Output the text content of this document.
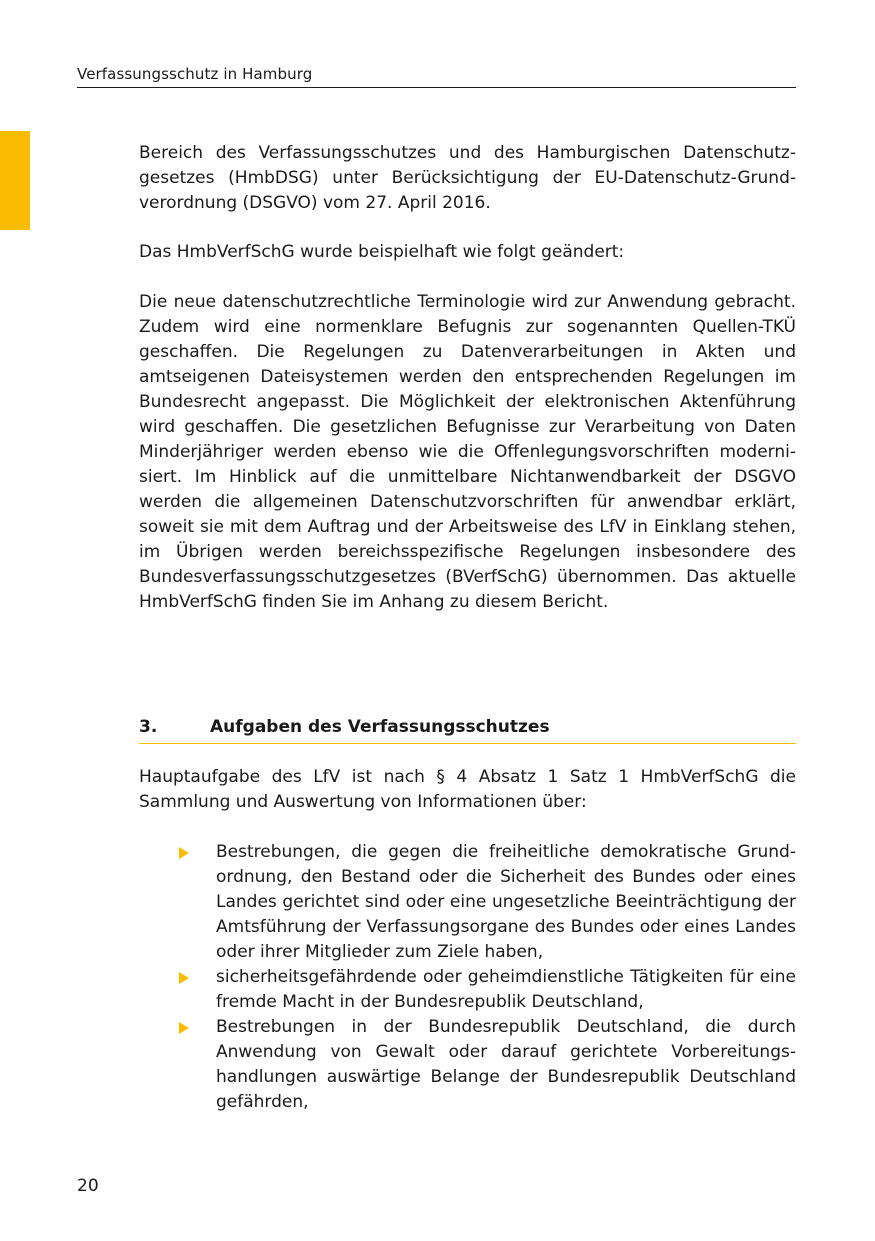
Verfassungsschutz in Hamburg

Bereich des Verfassungsschutzes und des Hamburgischen Datenschutzgesetzes (HmbDSG) unter Berücksichtigung der EU-Datenschutz-Grundverordnung (DSGVO) vom 27. April 2016.

Das HmbVerfSchG wurde beispielhaft wie folgt geändert:

Die neue datenschutzrechtliche Terminologie wird zur Anwendung gebracht. Zudem wird eine normenklare Befugnis zur sogenannten Quellen-TKÜ geschaffen. Die Regelungen zu Datenverarbeitungen in Akten und amtseigenen Dateisystemen werden den entsprechenden Regelungen im Bundesrecht angepasst. Die Möglichkeit der elektronischen Aktenführung wird geschaffen. Die gesetzlichen Befugnisse zur Verarbeitung von Daten Minderjähriger werden ebenso wie die Offenlegungsvorschriften modernisiert. Im Hinblick auf die unmittelbare Nichtanwendbarkeit der DSGVO werden die allgemeinen Datenschutzvorschriften für anwendbar erklärt, soweit sie mit dem Auftrag und der Arbeitsweise des LfV in Einklang stehen, im Übrigen werden bereichsspezifische Regelungen insbesondere des Bundesverfassungsschutzgesetzes (BVerfSchG) übernommen. Das aktuelle HmbVerfSchG finden Sie im Anhang zu diesem Bericht.

3.	Aufgaben des Verfassungsschutzes

Hauptaufgabe des LfV ist nach § 4 Absatz 1 Satz 1 HmbVerfSchG die Sammlung und Auswertung von Informationen über:

Bestrebungen, die gegen die freiheitliche demokratische Grundordnung, den Bestand oder die Sicherheit des Bundes oder eines Landes gerichtet sind oder eine ungesetzliche Beeinträchtigung der Amtsführung der Verfassungsorgane des Bundes oder eines Landes oder ihrer Mitglieder zum Ziele haben,
sicherheitsgefährdende oder geheimdienstliche Tätigkeiten für eine fremde Macht in der Bundesrepublik Deutschland,
Bestrebungen in der Bundesrepublik Deutschland, die durch Anwendung von Gewalt oder darauf gerichtete Vorbereitungshandlungen auswärtige Belange der Bundesrepublik Deutschland gefährden,
20
